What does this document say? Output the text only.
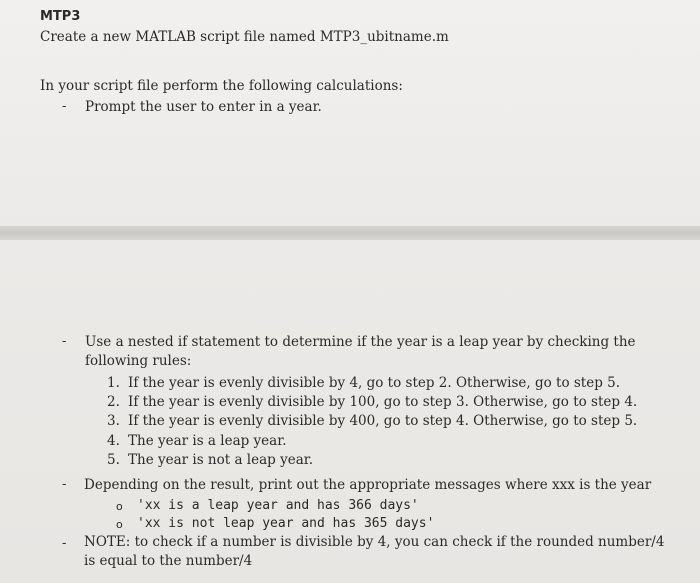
MTP3
Create a new MATLAB script file named MTP3_ubitname.m
In your script file perform the following calculations:
- Prompt the user to enter in a year.
- Use a nested if statement to determine if the year is a leap year by checking the
following rules:
1. If the year is evenly divisible by 4, go to step 2. Otherwise, go to step 5.
2. If the year is evenly divisible by 100, go to step 3. Otherwise, go to step 4.
3. If the year is evenly divisible by 400, go to step 4. Otherwise, go to step 5.
4. The year is a leap year.
5. The year is not a leap year.
- Depending on the result, print out the appropriate messages where xxx is the year
o 'xx is a leap year and has 366 days'
o 'xx is not leap year and has 365 days'
- NOTE: to check if a number is divisible by 4, you can check if the rounded number/4
is equal to the number/4
